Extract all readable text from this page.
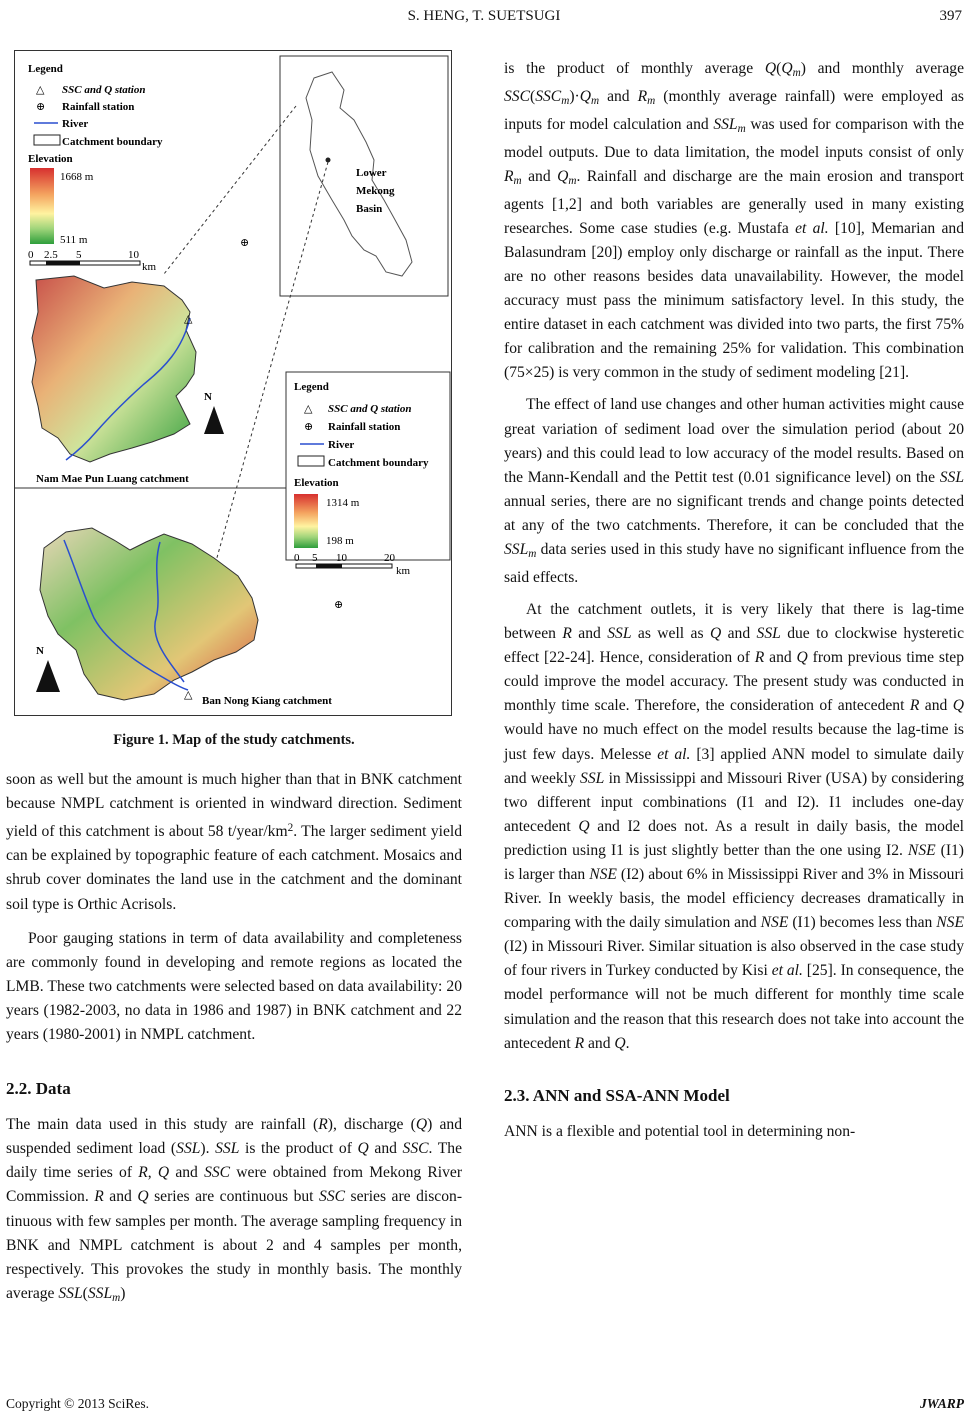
S. HENG, T. SUETSUGI	397
Lower
Mekong
Basin
Legend
△ SSC and Q station
⊕ Rainfall station
River
Catchment boundary
Elevation
1668 m
511 m
0 2.5 5	10
km
⊕
△
N
Nam Mae Pun Luang catchment
Legend
△ SSC and Q station
⊕ Rainfall station
River
Catchment boundary
Elevation
1314 m
198 m
0 5 10	20
km
⊕
△
N
Ban Nong Kiang catchment
Figure 1. Map of the study catchments.

soon as well but the amount is much higher than that in BNK catchment because NMPL catchment is oriented in windward direction. Sediment yield of this catchment is about 58 $t/year/km^2$. The larger sediment yield can be explained by topographic feature of each catchment. Mosaics and shrub cover dominates the land use in the catchment and the dominant soil type is Orthic Acrisols.

Poor gauging stations in term of data availability and completeness are commonly found in developing and remote regions as located the LMB. These two catchments were selected based on data availability: 20 years (1982-2003, no data in 1986 and 1987) in BNK catchment and 22 years (1980-2001) in NMPL catchment.

2.2. Data

The main data used in this study are rainfall (R), discharge (Q) and suspended sediment load (SSL). SSL is the product of Q and SSC. The daily time series of R, Q and SSC were obtained from Mekong River Commission. R and Q series are continuous but SSC series are discontinuous with few samples per month. The average sampling frequency in BNK and NMPL catchment is about 2 and 4 samples per month, respectively. This provokes the study in monthly basis. The monthly average $SSL(SSL_m)$

is the product of monthly average $Q(Q_m)$ and monthly average $SSC(SSC_m)\cdot Q_m$ and $R_m$ (monthly average rainfall) were employed as inputs for model calculation and $SSL_m$ was used for comparison with the model outputs. Due to data limitation, the model inputs consist of only $R_m$ and $Q_m$. Rainfall and discharge are the main erosion and transport agents [1,2] and both variables are generally used in many existing researches. Some case studies (e.g. Mustafa et al. [10], Memarian and Balasundram [20]) employ only discharge or rainfall as the input. There are no other reasons besides data unavailability. However, the model accuracy must pass the minimum satisfactory level. In this study, the entire dataset in each catchment was divided into two parts, the first 75% for calibration and the remaining 25% for validation. This combination (75×25) is very common in the study of sediment modeling [21].

The effect of land use changes and other human activities might cause great variation of sediment load over the simulation period (about 20 years) and this could lead to low accuracy of the model results. Based on the Mann-Kendall and the Pettit test (0.01 significance level) on the SSL annual series, there are no significant trends and change points detected at any of the two catchments. Therefore, it can be concluded that the $SSL_m$ data series used in this study have no significant influence from the said effects.

At the catchment outlets, it is very likely that there is lag-time between R and SSL as well as Q and SSL due to clockwise hysteretic effect [22-24]. Hence, consideration of R and Q from previous time step could improve the model accuracy. The present study was conducted in monthly time scale. Therefore, the consideration of antecedent R and Q would have no much effect on the model results because the lag-time is just few days. Melesse et al. [3] applied ANN model to simulate daily and weekly SSL in Mississippi and Missouri River (USA) by considering two different input combinations (I1 and I2). I1 includes one-day antecedent Q and I2 does not. As a result in daily basis, the model prediction using I1 is just slightly better than the one using I2. NSE (I1) is larger than NSE (I2) about 6% in Mississippi River and 3% in Missouri River. In weekly basis, the model efficiency decreases dramatically in comparing with the daily simulation and NSE (I1) becomes less than NSE (I2) in Missouri River. Similar situation is also observed in the case study of four rivers in Turkey conducted by Kisi et al. [25]. In consequence, the model performance will not be much different for monthly time scale simulation and the reason that this research does not take into account the antecedent R and Q.

2.3. ANN and SSA-ANN Model

ANN is a flexible and potential tool in determining non-

Copyright © 2013 SciRes.	JWARP
